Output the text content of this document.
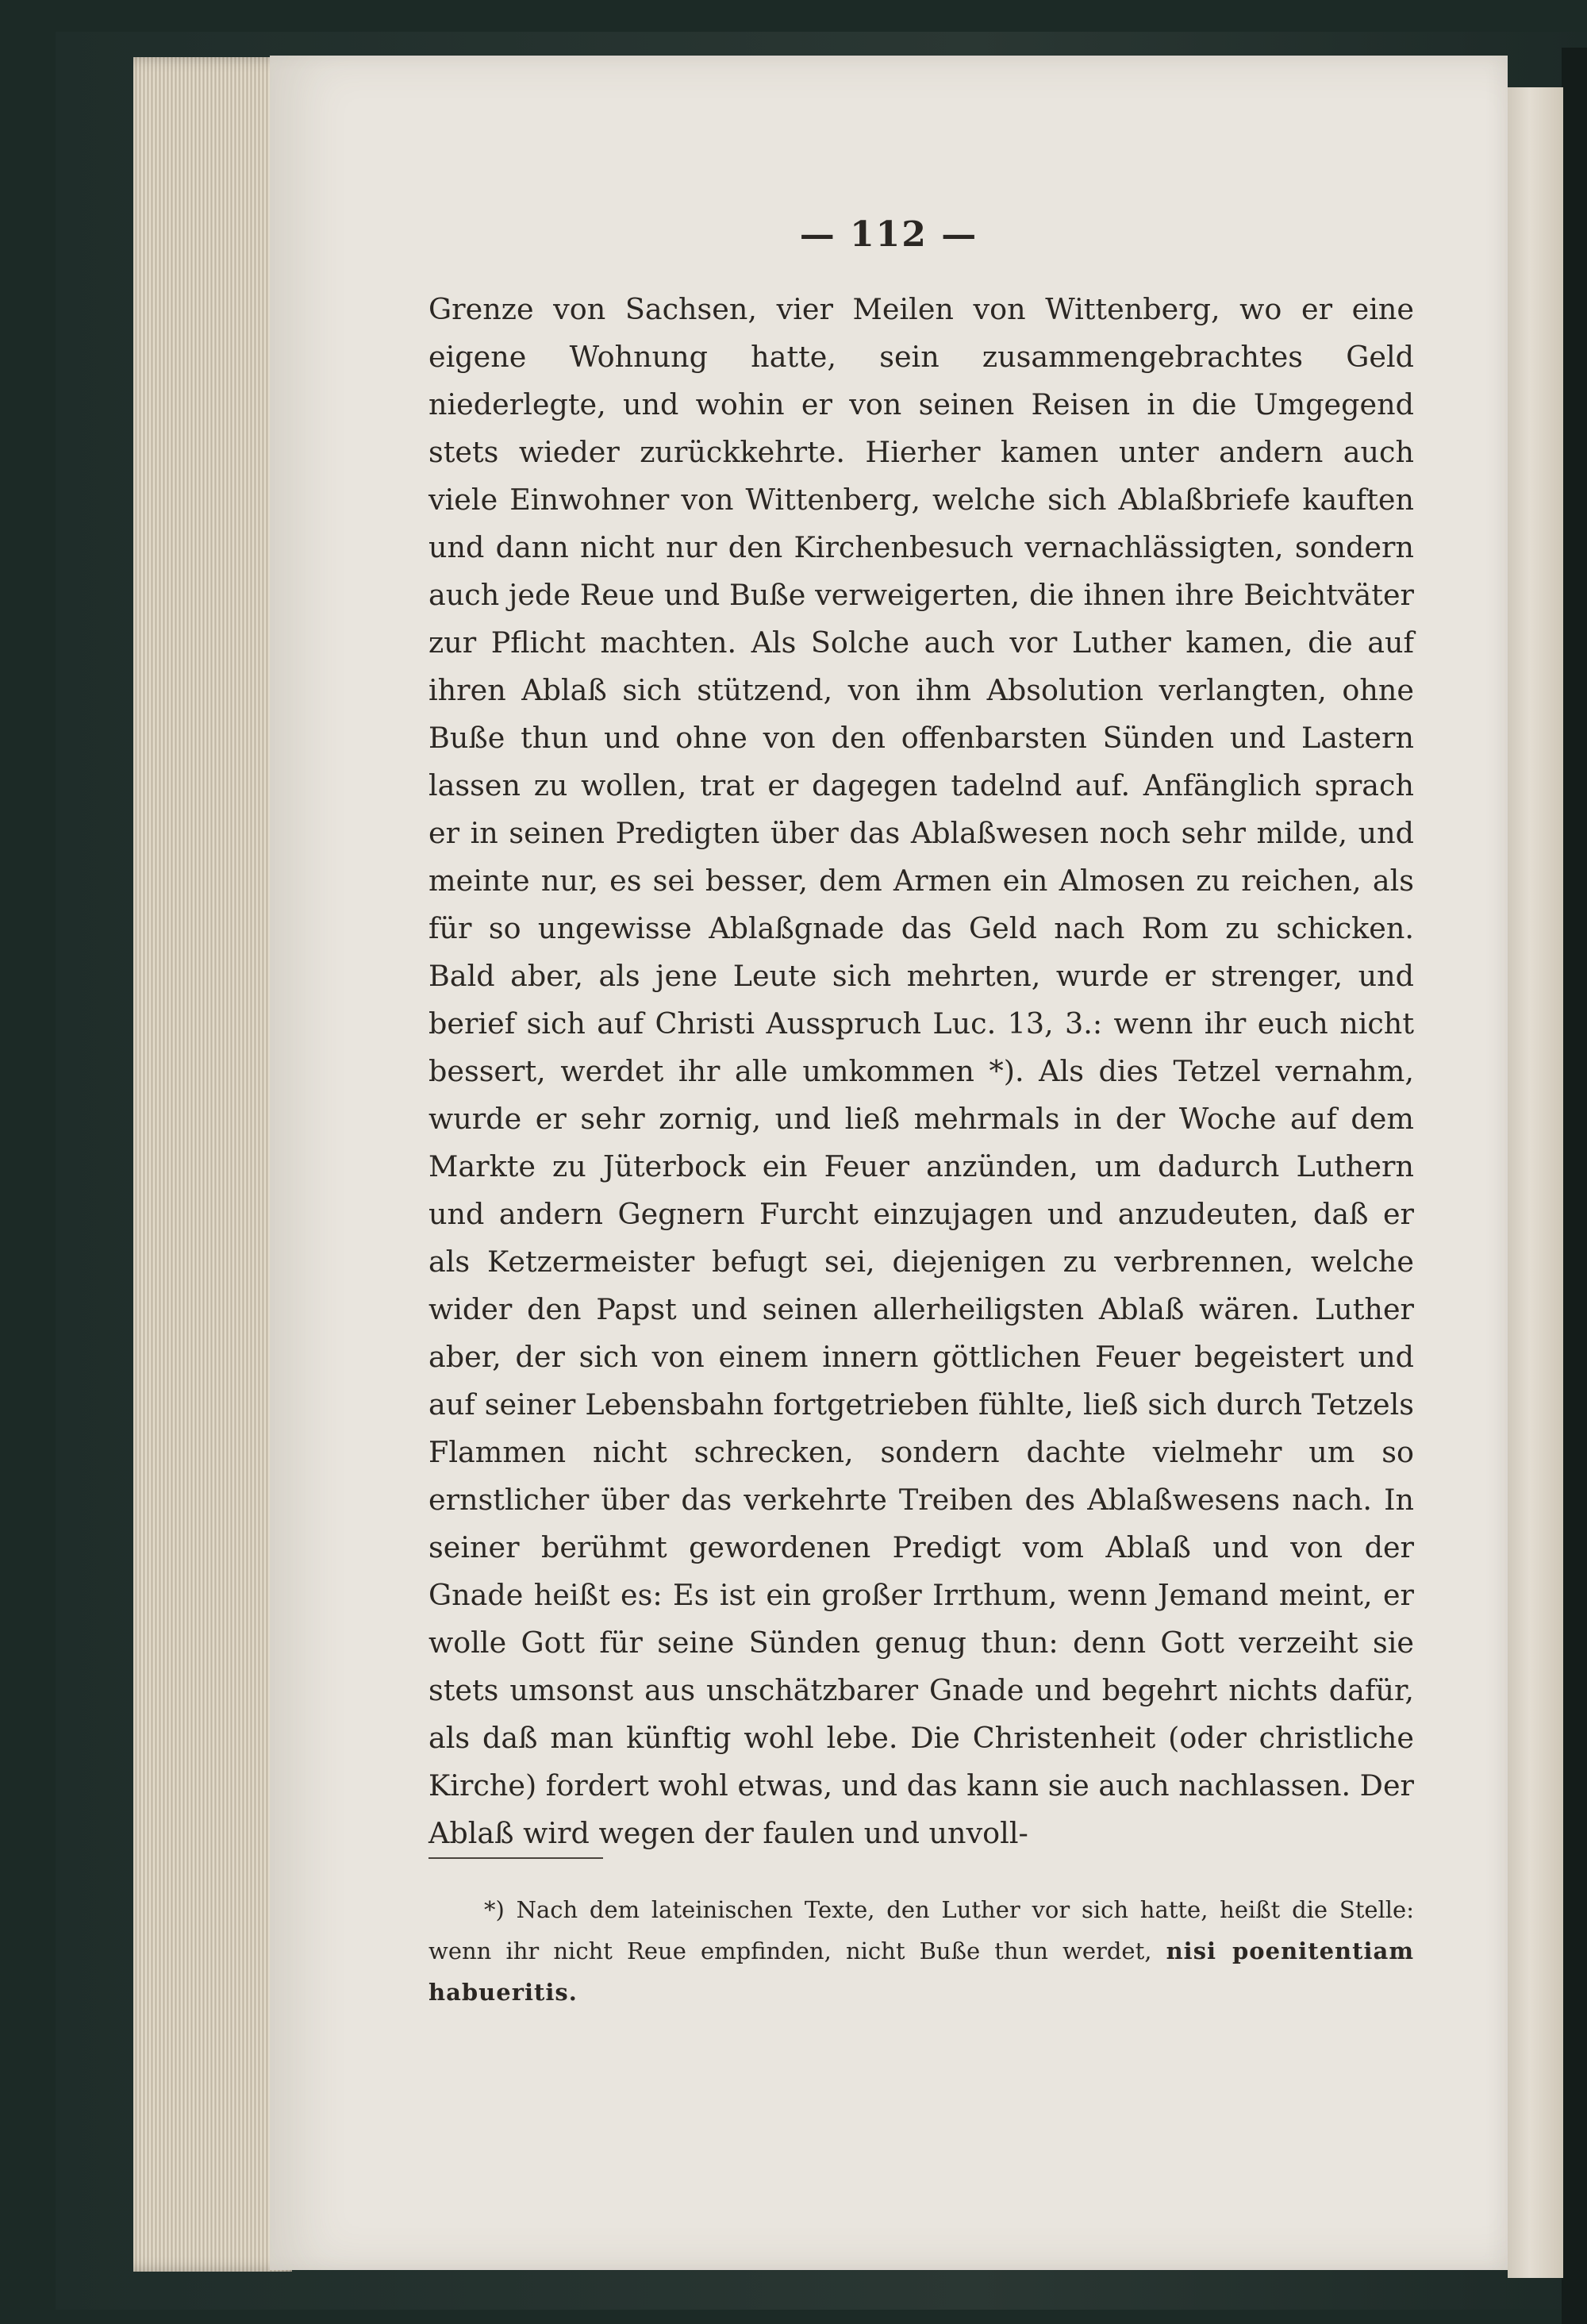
— 112 —

Grenze von Sachsen, vier Meilen von Wittenberg, wo er eine eigene Wohnung hatte, sein zusammengebrachtes Geld niederlegte, und wohin er von seinen Reisen in die Umgegend stets wieder zurückkehrte. Hierher kamen unter andern auch viele Einwohner von Wittenberg, welche sich Ablaßbriefe kauften und dann nicht nur den Kirchenbesuch vernachlässigten, sondern auch jede Reue und Buße verweigerten, die ihnen ihre Beichtväter zur Pflicht machten. Als Solche auch vor Luther kamen, die auf ihren Ablaß sich stützend, von ihm Absolution verlangten, ohne Buße thun und ohne von den offenbarsten Sünden und Lastern lassen zu wollen, trat er dagegen tadelnd auf. Anfänglich sprach er in seinen Predigten über das Ablaßwesen noch sehr milde, und meinte nur, es sei besser, dem Armen ein Almosen zu reichen, als für so ungewisse Ablaßgnade das Geld nach Rom zu schicken. Bald aber, als jene Leute sich mehrten, wurde er strenger, und berief sich auf Christi Ausspruch Luc. 13, 3.: wenn ihr euch nicht bessert, werdet ihr alle umkommen *). Als dies Tetzel vernahm, wurde er sehr zornig, und ließ mehrmals in der Woche auf dem Markte zu Jüterbock ein Feuer anzünden, um dadurch Luthern und andern Gegnern Furcht einzujagen und anzudeuten, daß er als Ketzermeister befugt sei, diejenigen zu verbrennen, welche wider den Papst und seinen allerheiligsten Ablaß wären. Luther aber, der sich von einem innern göttlichen Feuer begeistert und auf seiner Lebensbahn fortgetrieben fühlte, ließ sich durch Tetzels Flammen nicht schrecken, sondern dachte vielmehr um so ernstlicher über das verkehrte Treiben des Ablaßwesens nach. In seiner berühmt gewordenen Predigt vom Ablaß und von der Gnade heißt es: Es ist ein großer Irrthum, wenn Jemand meint, er wolle Gott für seine Sünden genug thun: denn Gott verzeiht sie stets umsonst aus unschätzbarer Gnade und begehrt nichts dafür, als daß man künftig wohl lebe. Die Christenheit (oder christliche Kirche) fordert wohl etwas, und das kann sie auch nachlassen. Der Ablaß wird wegen der faulen und unvoll-

*) Nach dem lateinischen Texte, den Luther vor sich hatte, heißt die Stelle: wenn ihr nicht Reue empfinden, nicht Buße thun werdet, nisi poenitentiam habueritis.
